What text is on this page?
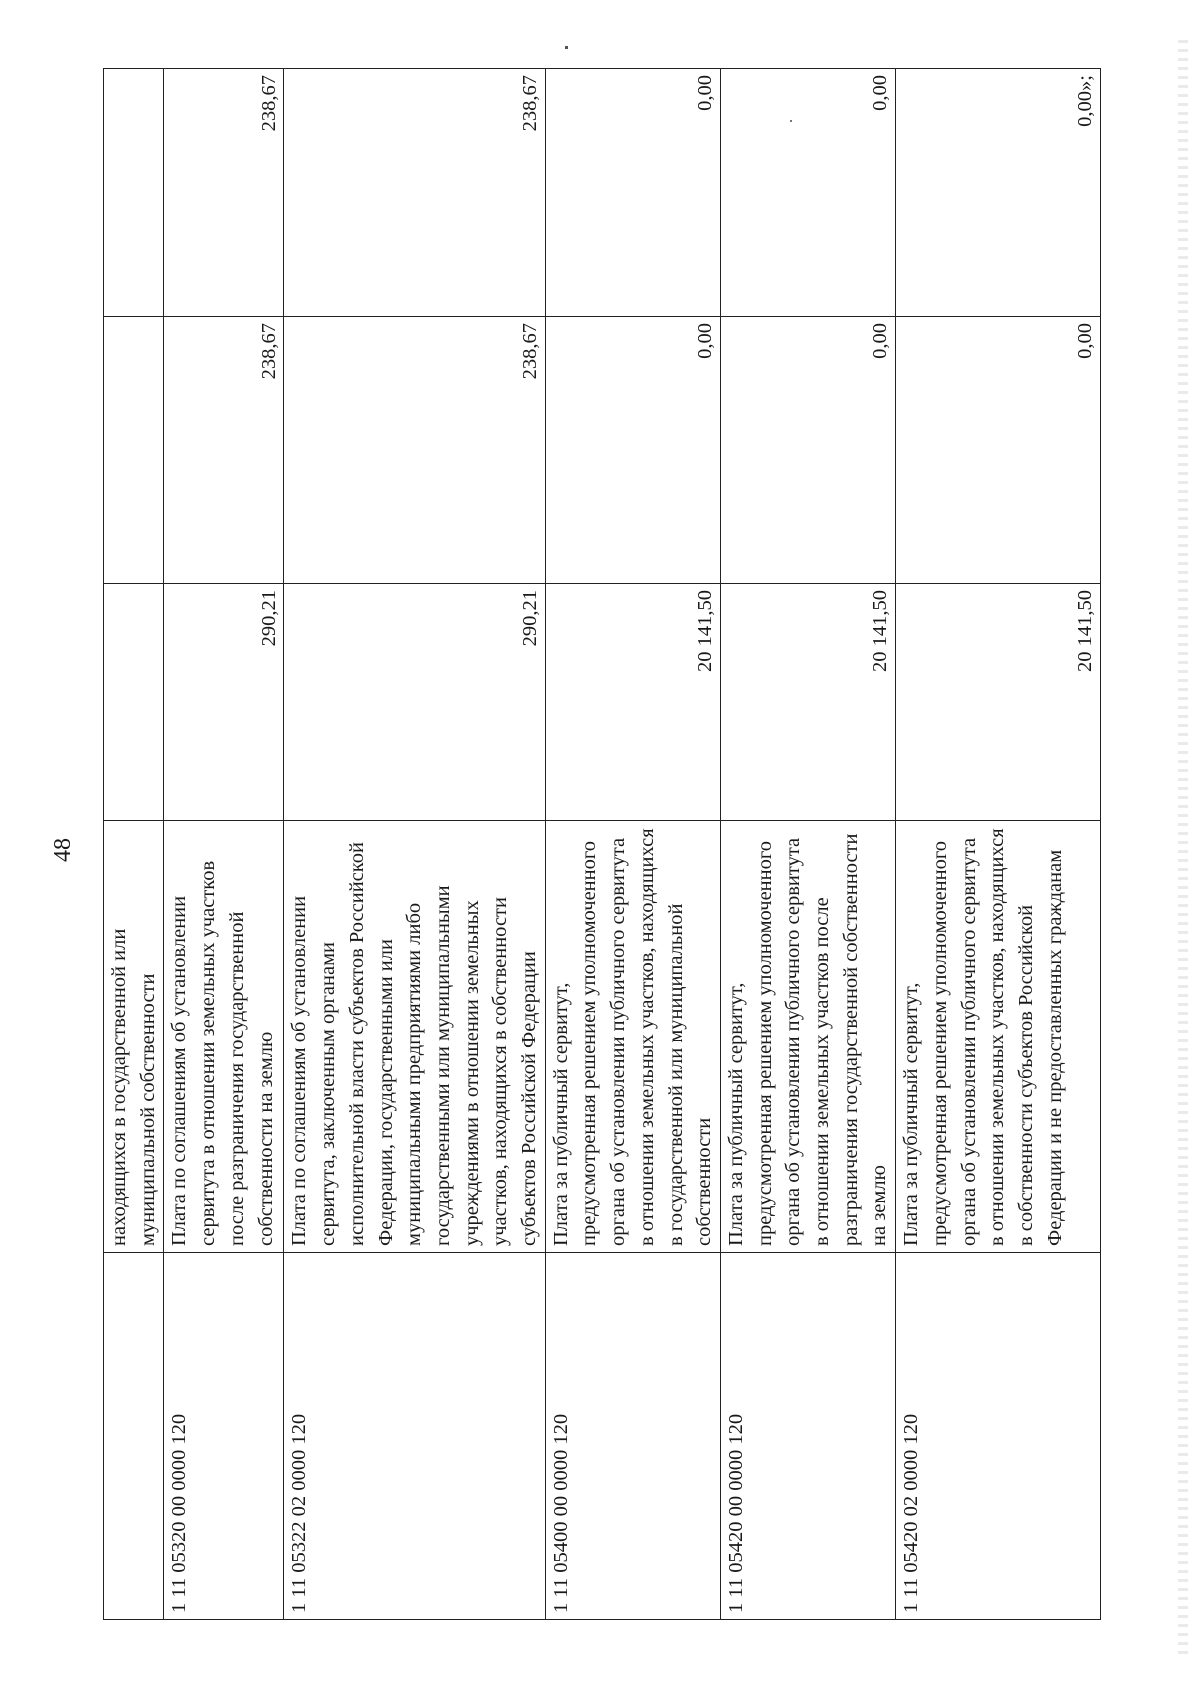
48
	находящихся в государственной или муниципальной собственности			
1 11 05320 00 0000 120	Плата по соглашениям об установлении сервитута в отношении земельных участков после разграничения государственной собственности на землю	290,21	238,67	238,67
1 11 05322 02 0000 120	Плата по соглашениям об установлении сервитута, заключенным органами исполнительной власти субъектов Российской Федерации, государственными или муниципальными предприятиями либо государственными или муниципальными учреждениями в отношении земельных участков, находящихся в собственности субъектов Российской Федерации	290,21	238,67	238,67
1 11 05400 00 0000 120	Плата за публичный сервитут, предусмотренная решением уполномоченного органа об установлении публичного сервитута в отношении земельных участков, находящихся в государственной или муниципальной собственности	20 141,50	0,00	0,00
1 11 05420 00 0000 120	Плата за публичный сервитут, предусмотренная решением уполномоченного органа об установлении публичного сервитута в отношении земельных участков после разграничения государственной собственности на землю	20 141,50	0,00	0,00
1 11 05420 02 0000 120	Плата за публичный сервитут, предусмотренная решением уполномоченного органа об установлении публичного сервитута в отношении земельных участков, находящихся в собственности субъектов Российской Федерации и не предоставленных гражданам	20 141,50	0,00	0,00»;
